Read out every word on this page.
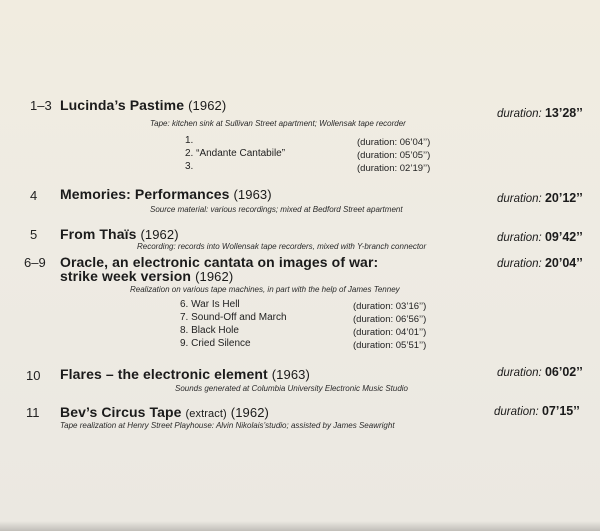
1–3 Lucinda’s Pastime (1962)
duration: 13’28’’
Tape: kitchen sink at Sullivan Street apartment; Wollensak tape recorder
1.	(duration: 06’04’’)
2. “Andante Cantabile”	(duration: 05’05’’)
3.	(duration: 02’19’’)
4 Memories: Performances (1963)	duration: 20’12’’
Source material: various recordings; mixed at Bedford Street apartment
5 From Thaïs (1962)	duration: 09’42’’
Recording: records into Wollensak tape recorders, mixed with Y-branch connector
6–9 Oracle, an electronic cantata on images of war:
strike week version (1962)
duration: 20’04’’
Realization on various tape machines, in part with the help of James Tenney
6. War Is Hell	(duration: 03’16’’)
7. Sound-Off and March	(duration: 06’56’’)
8. Black Hole	(duration: 04’01’’)
9. Cried Silence	(duration: 05’51’’)
10 Flares – the electronic element (1963)	duration: 06’02’’
Sounds generated at Columbia University Electronic Music Studio
11 Bev’s Circus Tape (extract) (1962)	duration: 07’15’’
Tape realization at Henry Street Playhouse: Alvin Nikolais’studio; assisted by James Seawright
